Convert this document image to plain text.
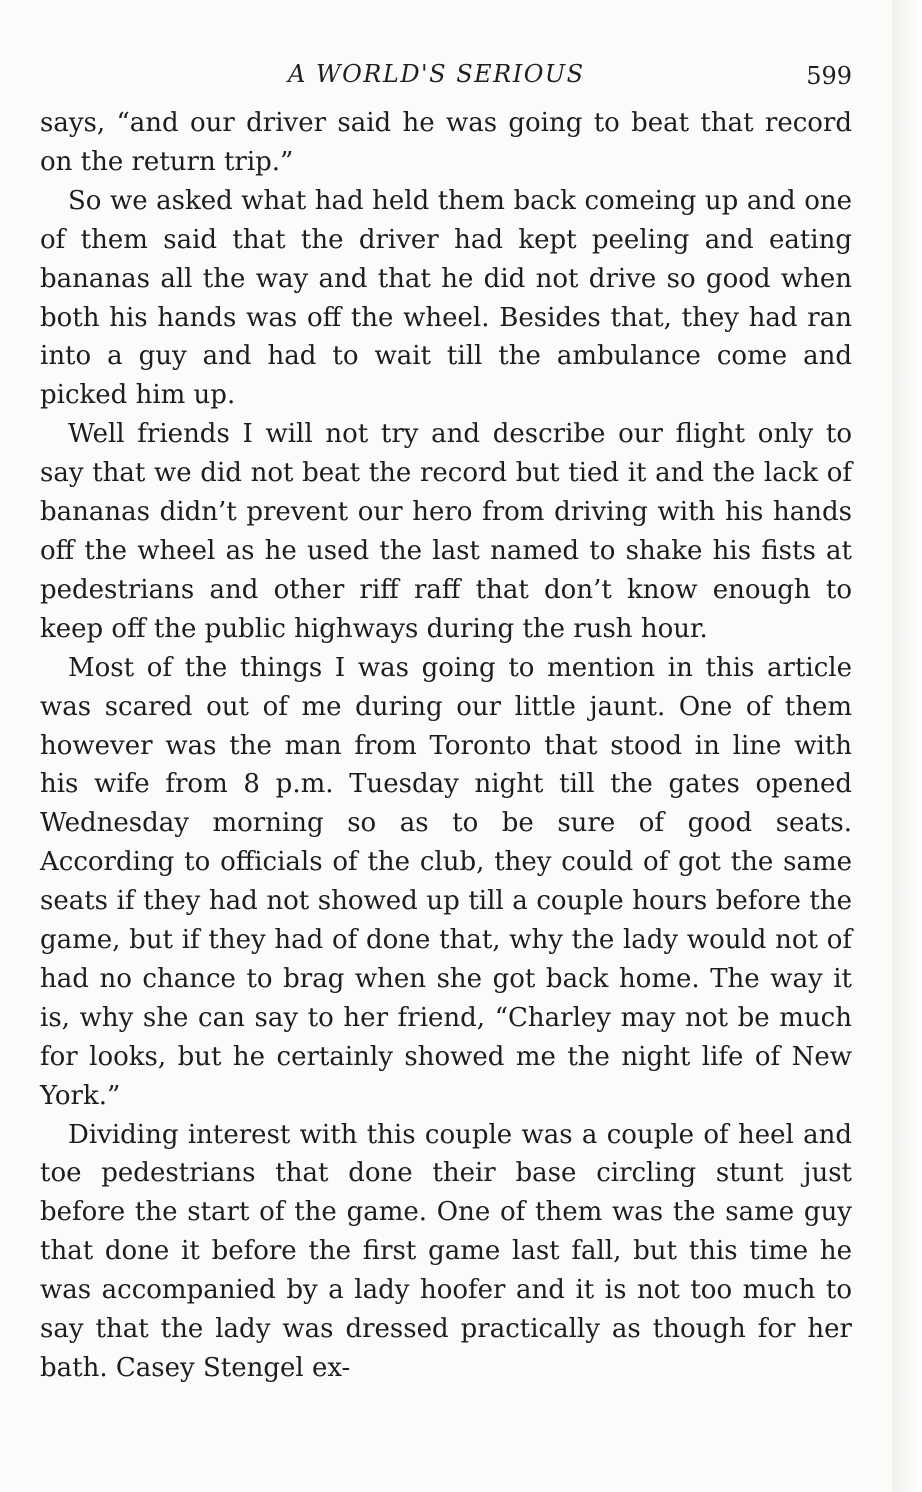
A WORLD'S SERIOUS	599

says, “and our driver said he was going to beat that record on the return trip.”

So we asked what had held them back comeing up and one of them said that the driver had kept peeling and eating bananas all the way and that he did not drive so good when both his hands was off the wheel. Besides that, they had ran into a guy and had to wait till the ambulance come and picked him up.

Well friends I will not try and describe our flight only to say that we did not beat the record but tied it and the lack of bananas didn’t prevent our hero from driving with his hands off the wheel as he used the last named to shake his fists at pedestrians and other riff raff that don’t know enough to keep off the public highways during the rush hour.

Most of the things I was going to mention in this article was scared out of me during our little jaunt. One of them however was the man from Toronto that stood in line with his wife from 8 p.m. Tuesday night till the gates opened Wednesday morning so as to be sure of good seats. According to officials of the club, they could of got the same seats if they had not showed up till a couple hours before the game, but if they had of done that, why the lady would not of had no chance to brag when she got back home. The way it is, why she can say to her friend, “Charley may not be much for looks, but he certainly showed me the night life of New York.”

Dividing interest with this couple was a couple of heel and toe pedestrians that done their base circling stunt just before the start of the game. One of them was the same guy that done it before the first game last fall, but this time he was accompanied by a lady hoofer and it is not too much to say that the lady was dressed practically as though for her bath. Casey Stengel ex-
